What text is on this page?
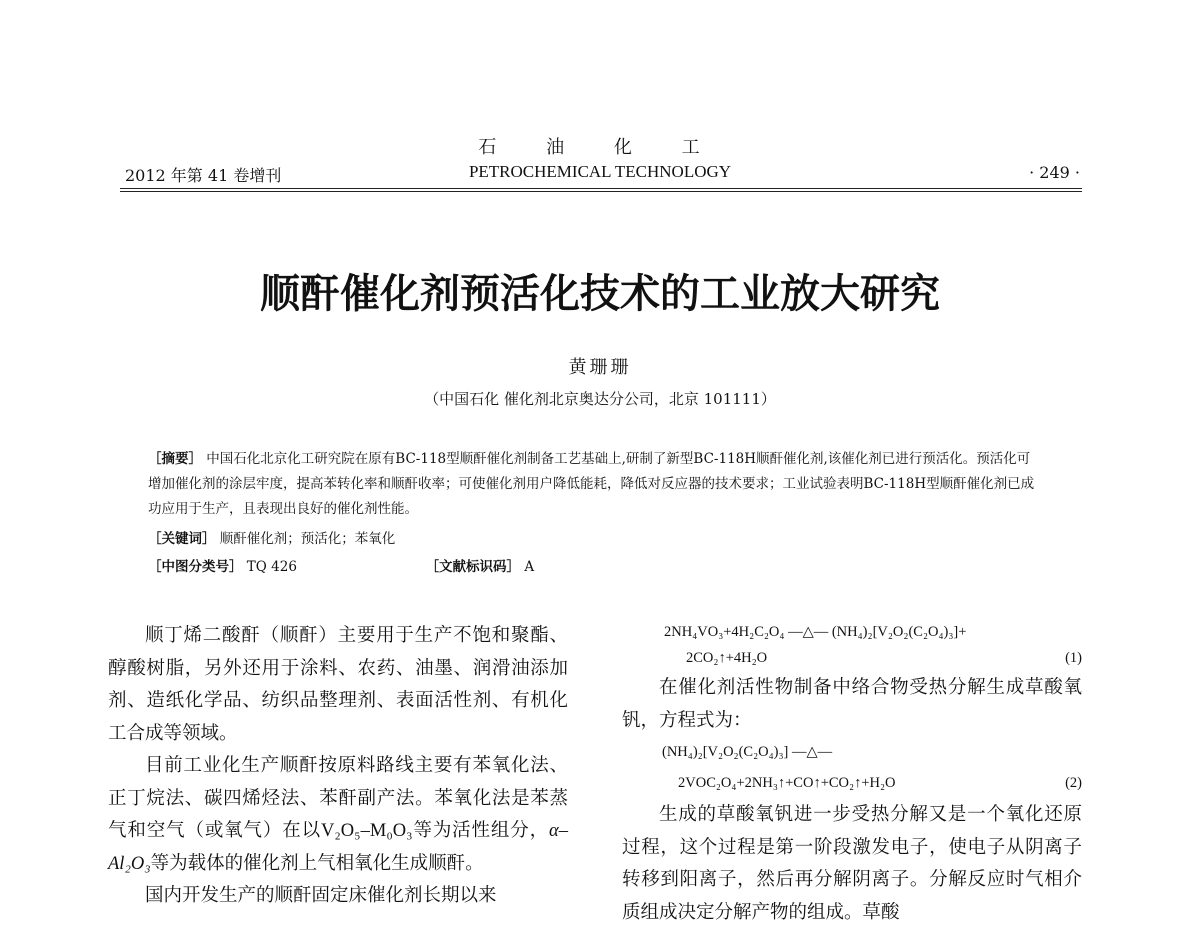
石 油 化 工
2012 年第 41 卷增刊	PETROCHEMICAL TECHNOLOGY	· 249 ·
顺酐催化剂预活化技术的工业放大研究
黄珊珊
（中国石化 催化剂北京奥达分公司，北京 101111）
［摘要］ 中国石化北京化工研究院在原有BC-118型顺酐催化剂制备工艺基础上,研制了新型BC-118H顺酐催化剂,该催化剂已进行预活化。预活化可增加催化剂的涂层牢度，提高苯转化率和顺酐收率；可使催化剂用户降低能耗，降低对反应器的技术要求；工业试验表明BC-118H型顺酐催化剂已成功应用于生产，且表现出良好的催化剂性能。
［关键词］ 顺酐催化剂；预活化；苯氧化
［中图分类号］ TQ 426	［文献标识码］ A

顺丁烯二酸酐（顺酐）主要用于生产不饱和聚酯、醇酸树脂，另外还用于涂料、农药、油墨、润滑油添加剂、造纸化学品、纺织品整理剂、表面活性剂、有机化工合成等领域。

目前工业化生产顺酐按原料路线主要有苯氧化法、正丁烷法、碳四烯烃法、苯酐副产法。苯氧化法是苯蒸气和空气（或氧气）在以V₂O₅–M₀O₃等为活性组分，α–Al₂O₃等为载体的催化剂上气相氧化生成顺酐。

国内开发生产的顺酐固定床催化剂长期以来

2NH₄VO₃+4H₂C₂O₄ —△— (NH₄)₂[V₂O₂(C₂O₄)₃]+
2CO₂↑+4H₂O	(1)

在催化剂活性物制备中络合物受热分解生成草酸氧钒，方程式为：

(NH₄)₂[V₂O₂(C₂O₄)₃] —△—
2VOC₂O₄+2NH₃↑+CO↑+CO₂↑+H₂O	(2)

生成的草酸氧钒进一步受热分解又是一个氧化还原过程，这个过程是第一阶段激发电子，使电子从阴离子转移到阳离子，然后再分解阴离子。分解反应时气相介质组成决定分解产物的组成。草酸
